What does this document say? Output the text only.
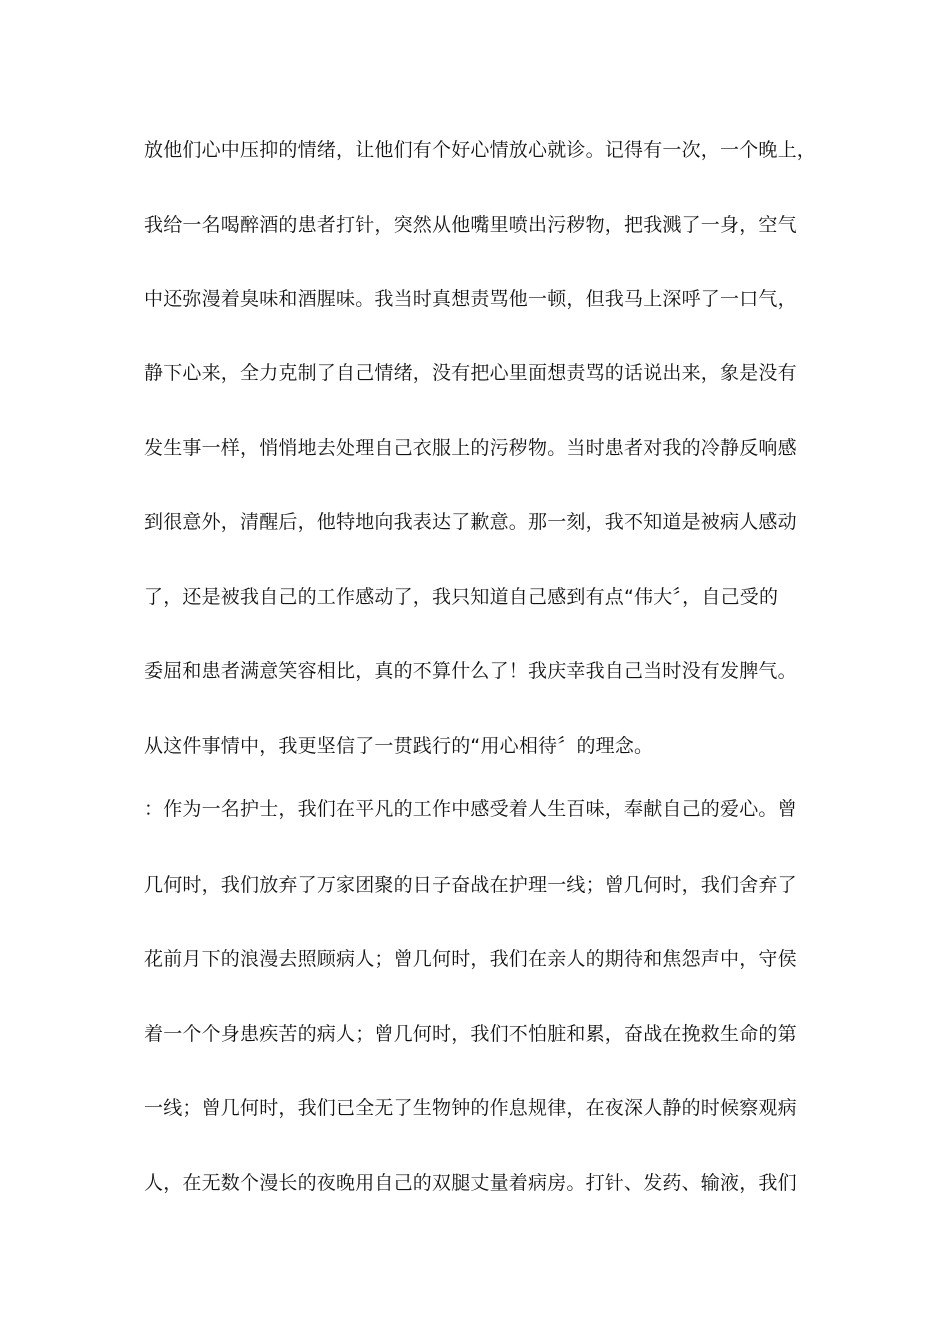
放他们心中压抑的情绪，让他们有个好心情放心就诊。记得有一次，一个晚上，
我给一名喝醉酒的患者打针，突然从他嘴里喷出污秽物，把我溅了一身，空气
中还弥漫着臭味和酒腥味。我当时真想责骂他一顿，但我马上深呼了一口气，
静下心来，全力克制了自己情绪，没有把心里面想责骂的话说出来，象是没有
发生事一样，悄悄地去处理自己衣服上的污秽物。当时患者对我的冷静反响感
到很意外，清醒后，他特地向我表达了歉意。那一刻，我不知道是被病人感动
了，还是被我自己的工作感动了，我只知道自己感到有点“伟大〞，自己受的
委屈和患者满意笑容相比，真的不算什么了！我庆幸我自己当时没有发脾气。
从这件事情中，我更坚信了一贯践行的“用心相待〞的理念。
：作为一名护士，我们在平凡的工作中感受着人生百味，奉献自己的爱心。曾
几何时，我们放弃了万家团聚的日子奋战在护理一线；曾几何时，我们舍弃了
花前月下的浪漫去照顾病人；曾几何时，我们在亲人的期待和焦怨声中，守侯
着一个个身患疾苦的病人；曾几何时，我们不怕脏和累，奋战在挽救生命的第
一线；曾几何时，我们已全无了生物钟的作息规律，在夜深人静的时候察观病
人，在无数个漫长的夜晚用自己的双腿丈量着病房。打针、发药、输液，我们
